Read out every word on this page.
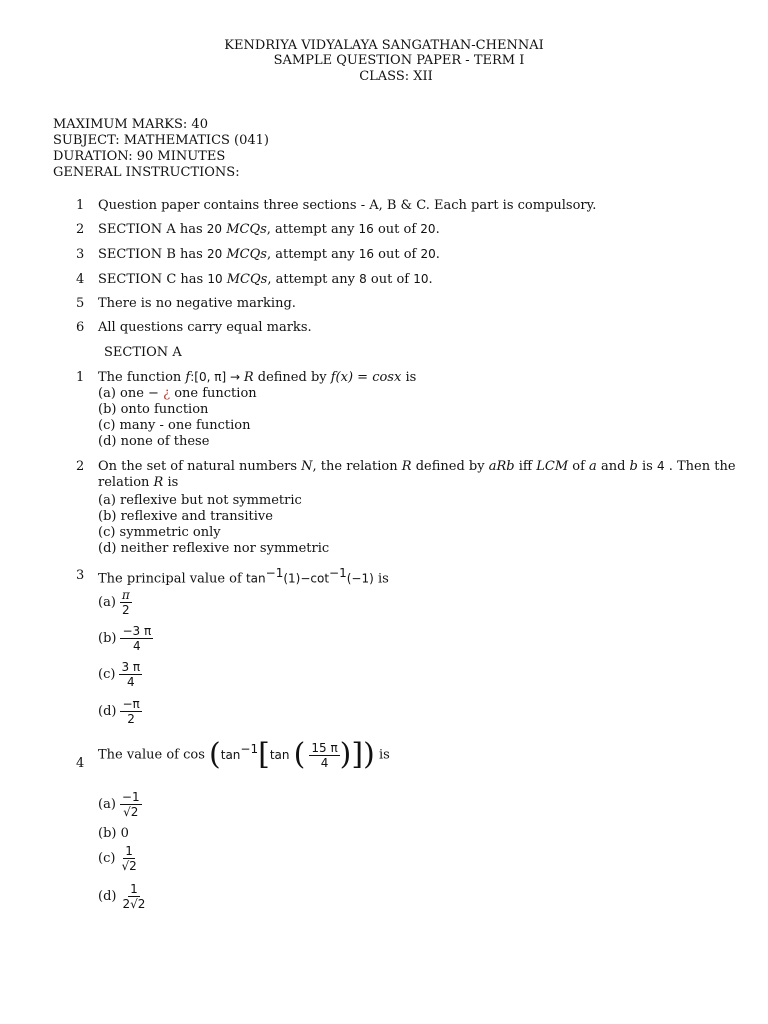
KENDRIYA VIDYALAYA SANGATHAN-CHENNAI
SAMPLE QUESTION PAPER - TERM I
CLASS: XII
MAXIMUM MARKS: 40
SUBJECT: MATHEMATICS (041)
DURATION: 90 MINUTES
GENERAL INSTRUCTIONS:
1 Question paper contains three sections - A, B & C. Each part is compulsory.
2 SECTION A has 20 MCQs, attempt any 16 out of 20.
3 SECTION B has 20 MCQs, attempt any 16 out of 20.
4 SECTION C has 10 MCQs, attempt any 8 out of 10.
5 There is no negative marking.
6 All questions carry equal marks.
SECTION A
1 The function f:[0, π] → R defined by f(x) = cosx is
(a) one − ¿ one function
(b) onto function
(c) many - one function
(d) none of these
2 On the set of natural numbers N, the relation R defined by aRb iff LCM of a and b is 4 . Then the
relation R is
(a) reflexive but not symmetric
(b) reflexive and transitive
(c) symmetric only
(d) neither reflexive nor symmetric
3 The principal value of $\tan^{-1}(1)-\cot^{-1}(-1)$ is
$(a) \frac{\pi}{2}$
$(b) \frac{-3 \pi}{4}$
$(c) \frac{3 \pi}{4}$
$(d) \frac{-\pi}{2}$
4
The value of $\cos (\tan^{-1}[\tan$ ( $\frac{15 \pi}{4}$ )]) is
$(a) \frac{-1}{√2}$
(b) 0
$(c) \frac{1}{√2}$
$(d) \frac{1}{2√2}$
